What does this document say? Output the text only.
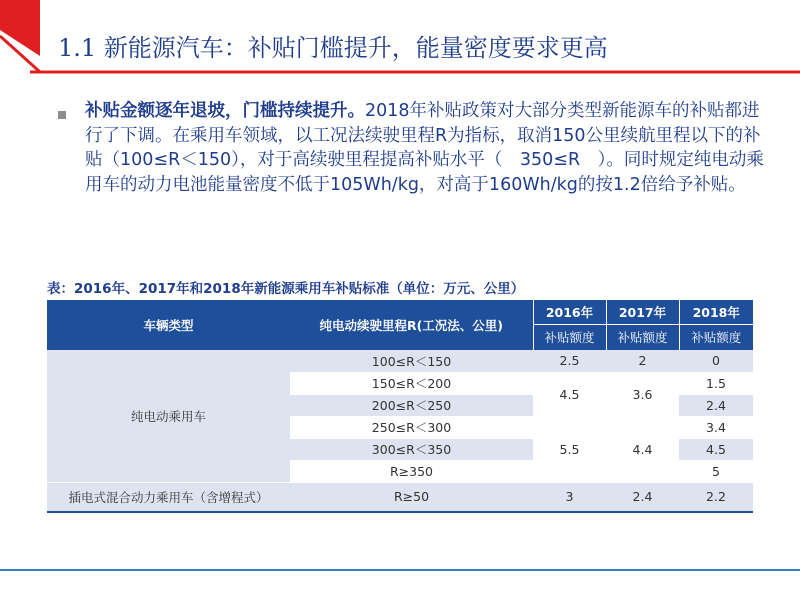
1.1 新能源汽车：补贴门槛提升，能量密度要求更高
补贴金额逐年退坡，门槛持续提升。2018年补贴政策对大部分类型新能源车的补贴都进行了下调。在乘用车领域，以工况法续驶里程R为指标，取消150公里续航里程以下的补贴（100≤R＜150），对于高续驶里程提高补贴水平（　350≤R　）。同时规定纯电动乘用车的动力电池能量密度不低于105Wh/kg，对高于160Wh/kg的按1.2倍给予补贴。
表：2016年、2017年和2018年新能源乘用车补贴标准（单位：万元、公里）
车辆类型	纯电动续驶里程R(工况法、公里)	2016年	2017年	2018年
		补贴额度	补贴额度	补贴额度
纯电动乘用车	100≤R＜150	2.5	2	0
	150≤R＜200	4.5	3.6	1.5
	200≤R＜250			2.4
	250≤R＜300	5.5	4.4	3.4
	300≤R＜350			4.5
	R≥350			5
插电式混合动力乘用车（含增程式）	R≥50	3	2.4	2.2
